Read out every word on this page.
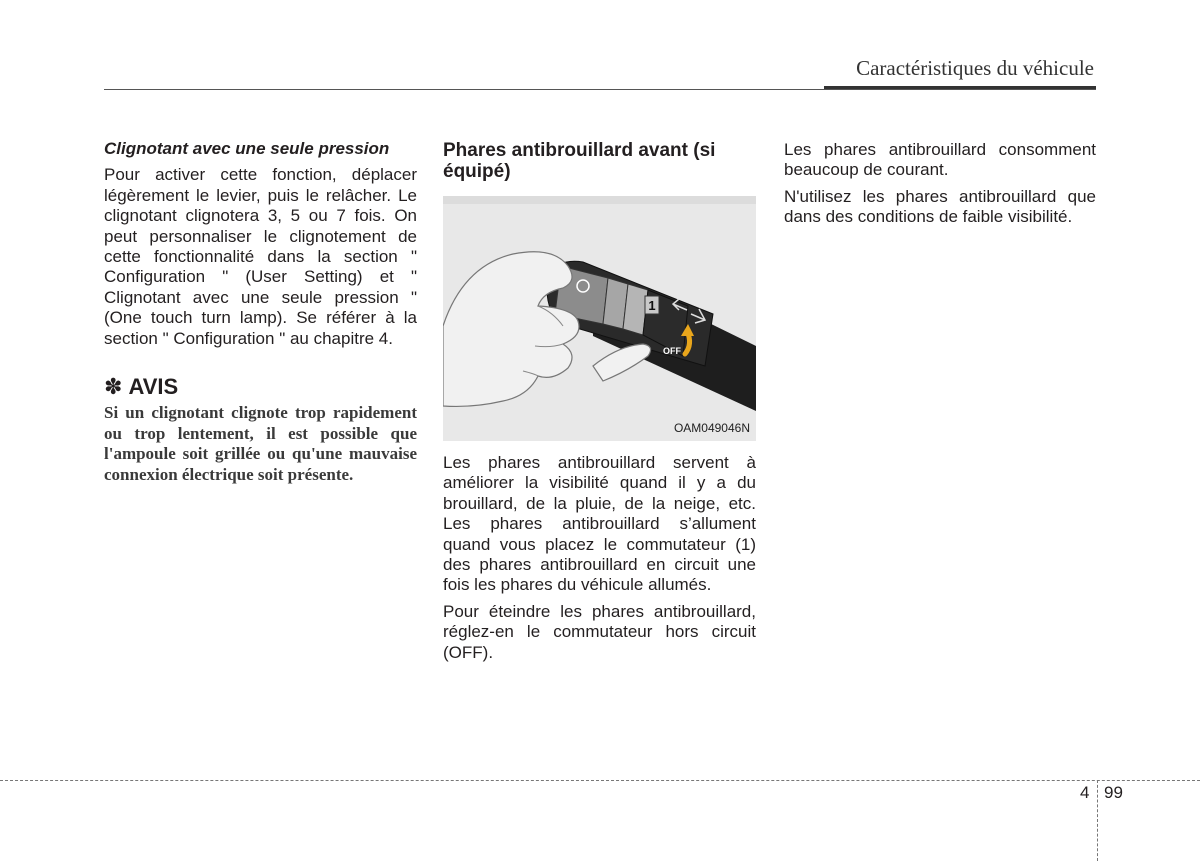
Caractéristiques du véhicule
Clignotant avec une seule pression

Pour activer cette fonction, déplacer légèrement le levier, puis le relâcher. Le clignotant clignotera 3, 5 ou 7 fois. On peut personnaliser le clignotement de cette fonctionnalité dans la section " Configuration " (User Setting) et " Clignotant avec une seule pression " (One touch turn lamp). Se référer à la section " Configuration " au chapitre 4.

✽ AVIS
Si un clignotant clignote trop rapidement ou trop lentement, il est possible que l'ampoule soit grillée ou qu'une mauvaise connexion électrique soit présente.
Phares antibrouillard avant (si équipé)
1
OFF
OAM049046N

Les phares antibrouillard servent à améliorer la visibilité quand il y a du brouillard, de la pluie, de la neige, etc. Les phares antibrouillard s’allument quand vous placez le commutateur (1) des phares antibrouillard en circuit une fois les phares du véhicule allumés.

Pour éteindre les phares antibrouillard, réglez-en le commutateur hors circuit (OFF).

Les phares antibrouillard consomment beaucoup de courant.

N'utilisez les phares antibrouillard que dans des conditions de faible visibilité.

4 99
